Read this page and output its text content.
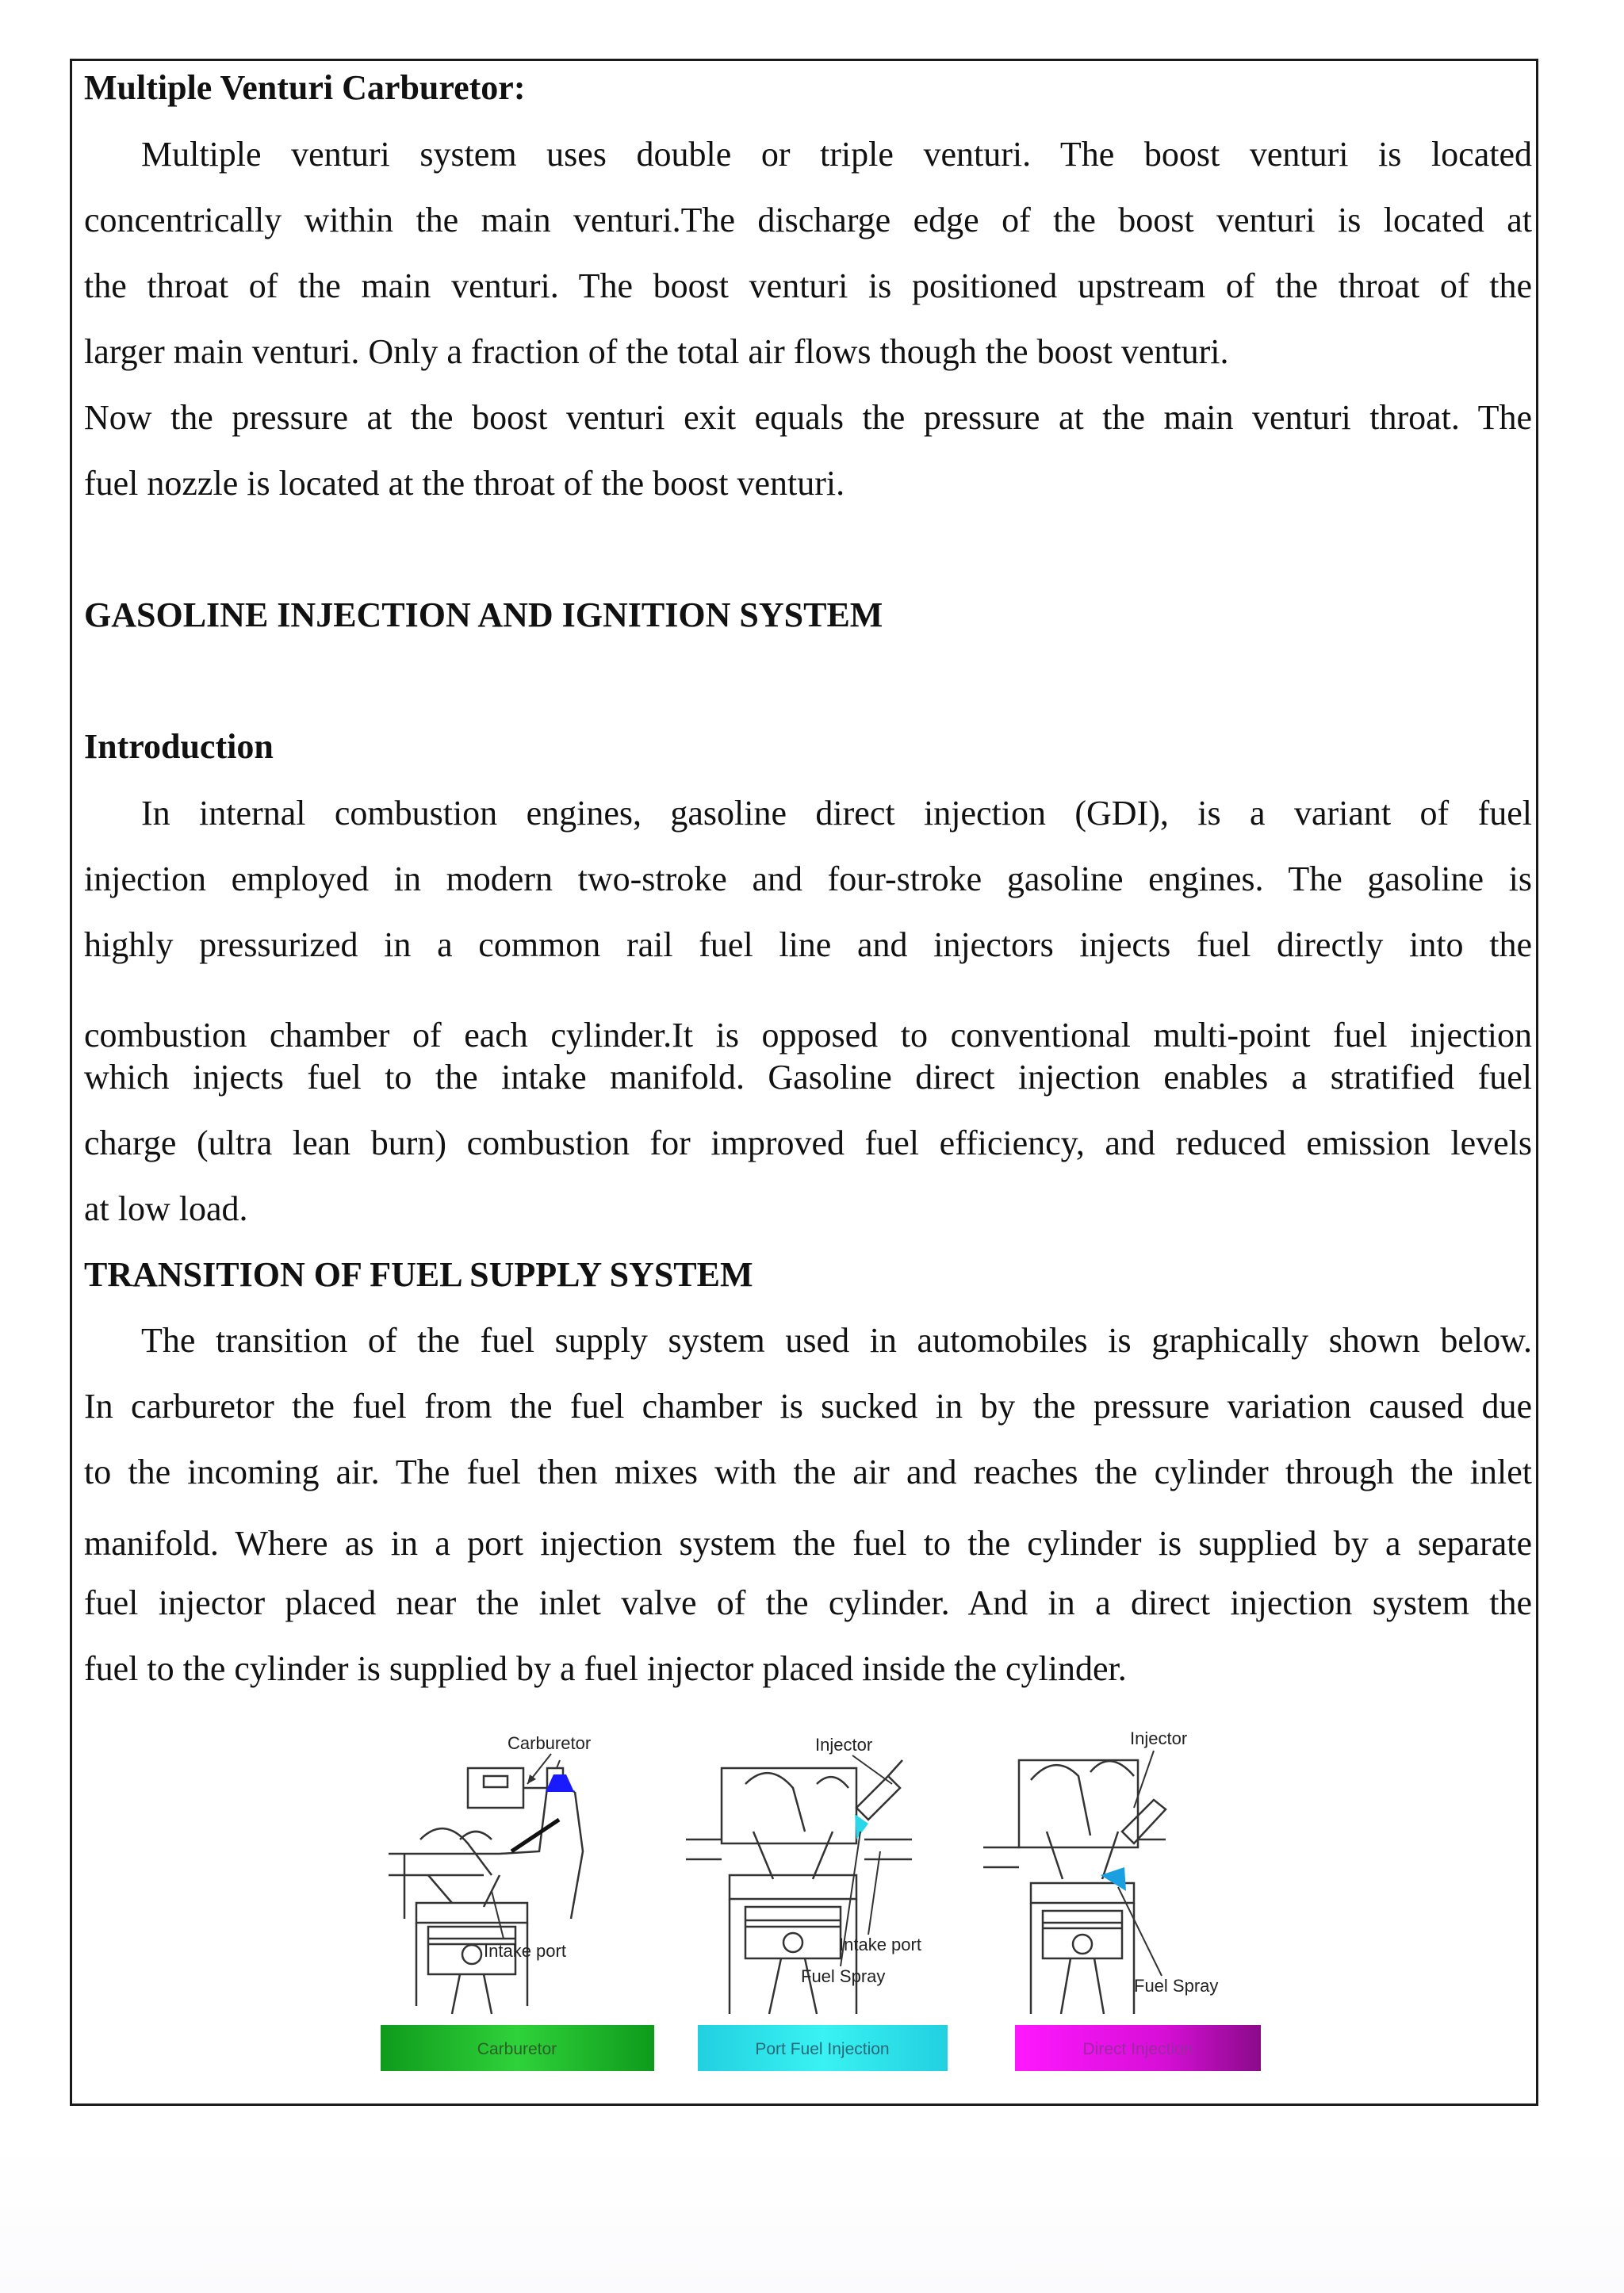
Multiple Venturi Carburetor:
Multiple venturi system uses double or triple venturi. The boost venturi is located
concentrically within the main venturi.The discharge edge of the boost venturi is located at
the throat of the main venturi. The boost venturi is positioned upstream of the throat of the
larger main venturi. Only a fraction of the total air flows though the boost venturi.
Now the pressure at the boost venturi exit equals the pressure at the main venturi throat. The
fuel nozzle is located at the throat of the boost venturi.
GASOLINE INJECTION AND IGNITION SYSTEM
Introduction
In internal combustion engines, gasoline direct injection (GDI), is a variant of fuel
injection employed in modern two-stroke and four-stroke gasoline engines. The gasoline is
highly pressurized in a common rail fuel line and injectors injects fuel directly into the
combustion chamber of each cylinder.It is opposed to conventional multi-point fuel injection
which injects fuel to the intake manifold. Gasoline direct injection enables a stratified fuel
charge (ultra lean burn) combustion for improved fuel efficiency, and reduced emission levels
at low load.
TRANSITION OF FUEL SUPPLY SYSTEM
The transition of the fuel supply system used in automobiles is graphically shown below.
In carburetor the fuel from the fuel chamber is sucked in by the pressure variation caused due
to the incoming air. The fuel then mixes with the air and reaches the cylinder through the inlet
manifold. Where as in a port injection system the fuel to the cylinder is supplied by a separate
fuel injector placed near the inlet valve of the cylinder. And in a direct injection system the
fuel to the cylinder is supplied by a fuel injector placed inside the cylinder.
Carburetor
Intake port
Injector
Intake port
Fuel Spray
Injector
Fuel Spray
Carburetor	Port Fuel Injection	Direct Injection
